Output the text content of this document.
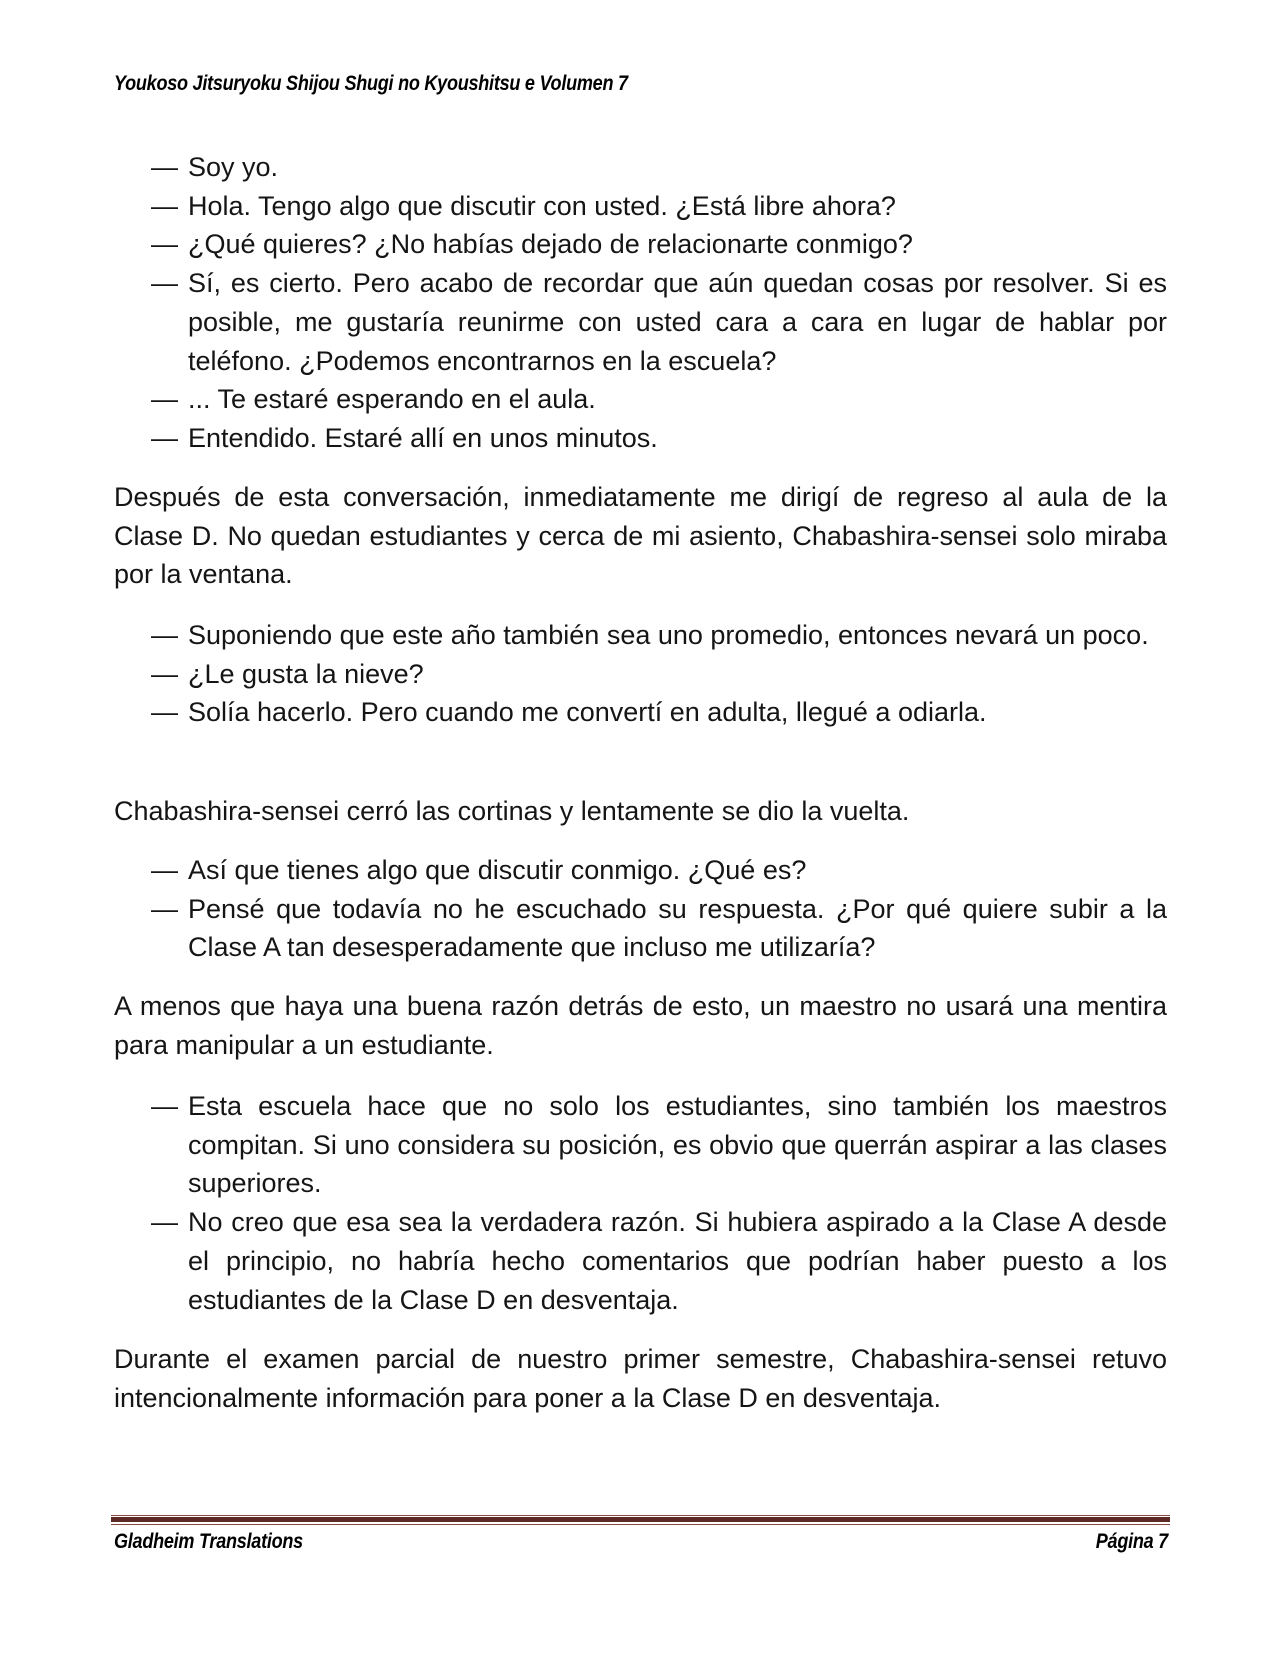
Youkoso Jitsuryoku Shijou Shugi no Kyoushitsu e Volumen 7
— Soy yo.
— Hola. Tengo algo que discutir con usted. ¿Está libre ahora?
— ¿Qué quieres? ¿No habías dejado de relacionarte conmigo?
— Sí, es cierto. Pero acabo de recordar que aún quedan cosas por resolver. Si es posible, me gustaría reunirme con usted cara a cara en lugar de hablar por teléfono. ¿Podemos encontrarnos en la escuela?
— ... Te estaré esperando en el aula.
— Entendido. Estaré allí en unos minutos.
Después de esta conversación, inmediatamente me dirigí de regreso al aula de la Clase D. No quedan estudiantes y cerca de mi asiento, Chabashira-sensei solo miraba por la ventana.
— Suponiendo que este año también sea uno promedio, entonces nevará un poco.
— ¿Le gusta la nieve?
— Solía hacerlo. Pero cuando me convertí en adulta, llegué a odiarla.
Chabashira-sensei cerró las cortinas y lentamente se dio la vuelta.
— Así que tienes algo que discutir conmigo. ¿Qué es?
— Pensé que todavía no he escuchado su respuesta. ¿Por qué quiere subir a la Clase A tan desesperadamente que incluso me utilizaría?
A menos que haya una buena razón detrás de esto, un maestro no usará una mentira para manipular a un estudiante.
— Esta escuela hace que no solo los estudiantes, sino también los maestros compitan. Si uno considera su posición, es obvio que querrán aspirar a las clases superiores.
— No creo que esa sea la verdadera razón. Si hubiera aspirado a la Clase A desde el principio, no habría hecho comentarios que podrían haber puesto a los estudiantes de la Clase D en desventaja.
Durante el examen parcial de nuestro primer semestre, Chabashira-sensei retuvo intencionalmente información para poner a la Clase D en desventaja.
Gladheim Translations	Página 7
